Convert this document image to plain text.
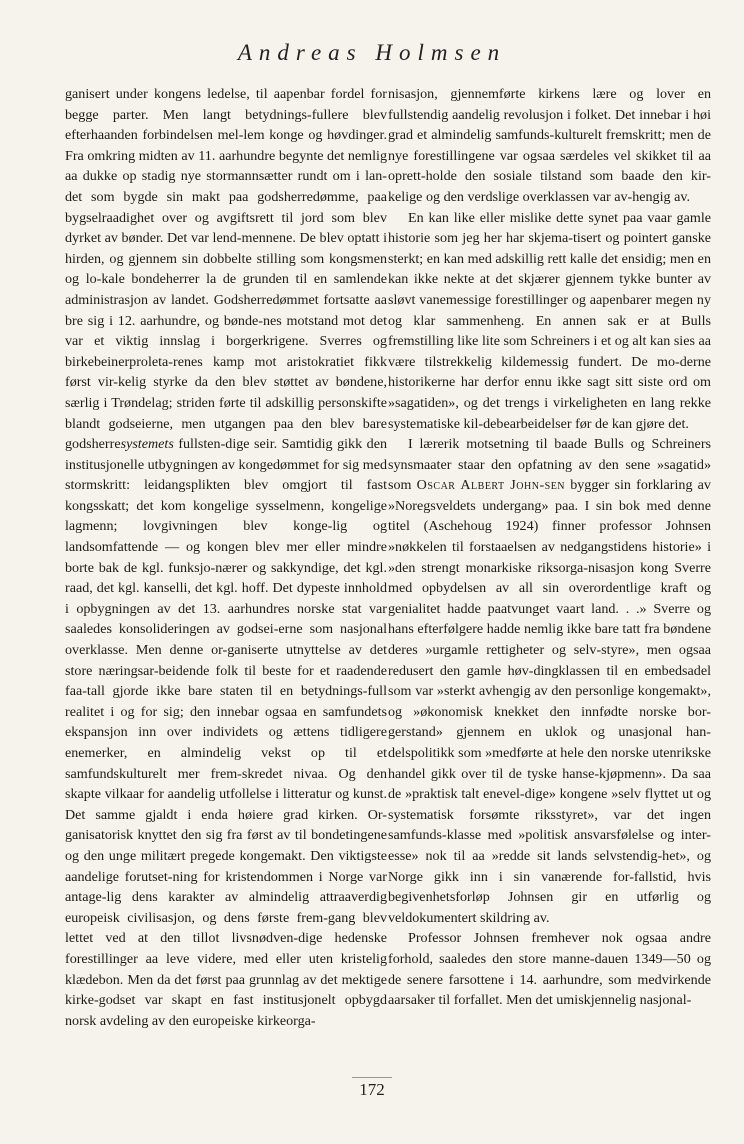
Andreas Holmsen

ganisert under kongens ledelse, til aapenbar fordel for begge parter. Men langt betydnings-fullere blev efterhaanden forbindelsen mel-lem konge og høvdinger. Fra omkring midten av 11. aarhundre begynte det nemlig aa dukke op stadig nye stormannsætter rundt om i lan-det som bygde sin makt paa godsherredømme, paa bygselraadighet over og avgiftsrett til jord som blev dyrket av bønder. Det var lend-mennene. De blev optatt i hirden, og gjennem sin dobbelte stilling som kongsmen og lo-kale bondeherrer la de grunden til en samlende administrasjon av landet. Godsherredømmet fortsatte aa bre sig i 12. aarhundre, og bønde-nes motstand mot det var et viktig innslag i borgerkrigene. Sverres og birkebeinerproleta-renes kamp mot aristokratiet fikk først vir-kelig styrke da den blev støttet av bøndene, særlig i Trøndelag; striden førte til adskillig personskifte blandt godseierne, men utgangen paa den blev bare godsherresystemets fullsten-dige seir. Samtidig gikk den institusjonelle utbygningen av kongedømmet for sig med stormskritt: leidangsplikten blev omgjort til fast kongsskatt; det kom kongelige sysselmenn, kongelige lagmenn; lovgivningen blev konge-lig og landsomfattende — og kongen blev mer eller mindre borte bak de kgl. funksjo-nærer og sakkyndige, det kgl. raad, det kgl. kanselli, det kgl. hoff. Det dypeste innhold i opbygningen av det 13. aarhundres norske stat var saaledes konsolideringen av godsei-erne som nasjonal overklasse. Men denne or-ganiserte utnyttelse av det store næringsar-beidende folk til beste for et raadende faa-tall gjorde ikke bare staten til en betydnings-full realitet i og for sig; den innebar ogsaa en samfundets ekspansjon inn over individets og ættens tidligere enemerker, en almindelig vekst op til et samfundskulturelt mer frem-skredet nivaa. Og den skapte vilkaar for aandelig utfollelse i litteratur og kunst. Det samme gjaldt i enda høiere grad kirken. Or-ganisatorisk knyttet den sig fra først av til bondetingene og den unge militært pregede kongemakt. Den viktigste aandelige forutset-ning for kristendommen i Norge var antage-lig dens karakter av almindelig attraaverdig europeisk civilisasjon, og dens første frem-gang blev lettet ved at den tillot livsnødven-dige hedenske forestillinger aa leve videre, med eller uten kristelig klædebon. Men da det først paa grunnlag av det mektige kirke-godset var skapt en fast institusjonelt opbygd norsk avdeling av den europeiske kirkeorga-

nisasjon, gjennemførte kirkens lære og lover en fullstendig aandelig revolusjon i folket. Det innebar i høi grad et almindelig samfunds-kulturelt fremskritt; men de nye forestillingene var ogsaa særdeles vel skikket til aa oprett-holde den sosiale tilstand som baade den kir-kelige og den verdslige overklassen var av-hengig av.

En kan like eller mislike dette synet paa vaar gamle historie som jeg her har skjema-tisert og pointert ganske sterkt; en kan med adskillig rett kalle det ensidig; men en kan ikke nekte at det skjærer gjennem tykke bunter av sløvt vanemessige forestillinger og aapenbarer megen ny og klar sammenheng. En annen sak er at Bulls fremstilling like lite som Schreiners i et og alt kan sies aa være tilstrekkelig kildemessig fundert. De mo-derne historikerne har derfor ennu ikke sagt sitt siste ord om »sagatiden», og det trengs i virkeligheten en lang rekke systematiske kil-debearbeidelser før de kan gjøre det.

I lærerik motsetning til baade Bulls og Schreiners synsmaater staar den opfatning av den sene »sagatid» som Oscar Albert John-sen bygger sin forklaring av »Noregsveldets undergang» paa. I sin bok med denne titel (Aschehoug 1924) finner professor Johnsen »nøkkelen til forstaaelsen av nedgangstidens historie» i »den strengt monarkiske riksorga-nisasjon kong Sverre med opbydelsen av all sin overordentlige kraft og genialitet hadde paatvunget vaart land. . .» Sverre og hans efterfølgere hadde nemlig ikke bare tatt fra bøndene deres »urgamle rettigheter og selv-styre», men ogsaa redusert den gamle høv-dingklassen til en embedsadel som var »sterkt avhengig av den personlige kongemakt», og »økonomisk knekket den innfødte norske bor-gerstand» gjennem en uklok og unasjonal han-delspolitikk som »medførte at hele den norske utenrikske handel gikk over til de tyske hanse-kjøpmenn». Da saa de »praktisk talt enevel-dige» kongene »selv flyttet ut og systematisk forsømte riksstyret», var det ingen samfunds-klasse med »politisk ansvarsfølelse og inter-esse» nok til aa »redde sit lands selvstendig-het», og Norge gikk inn i sin vanærende for-fallstid, hvis begivenhetsforløp Johnsen gir en utførlig og veldokumentert skildring av.

Professor Johnsen fremhever nok ogsaa andre forhold, saaledes den store manne-dauen 1349—50 og de senere farsottene i 14. aarhundre, som medvirkende aarsaker til forfallet. Men det umiskjennelig nasjonal-

172
